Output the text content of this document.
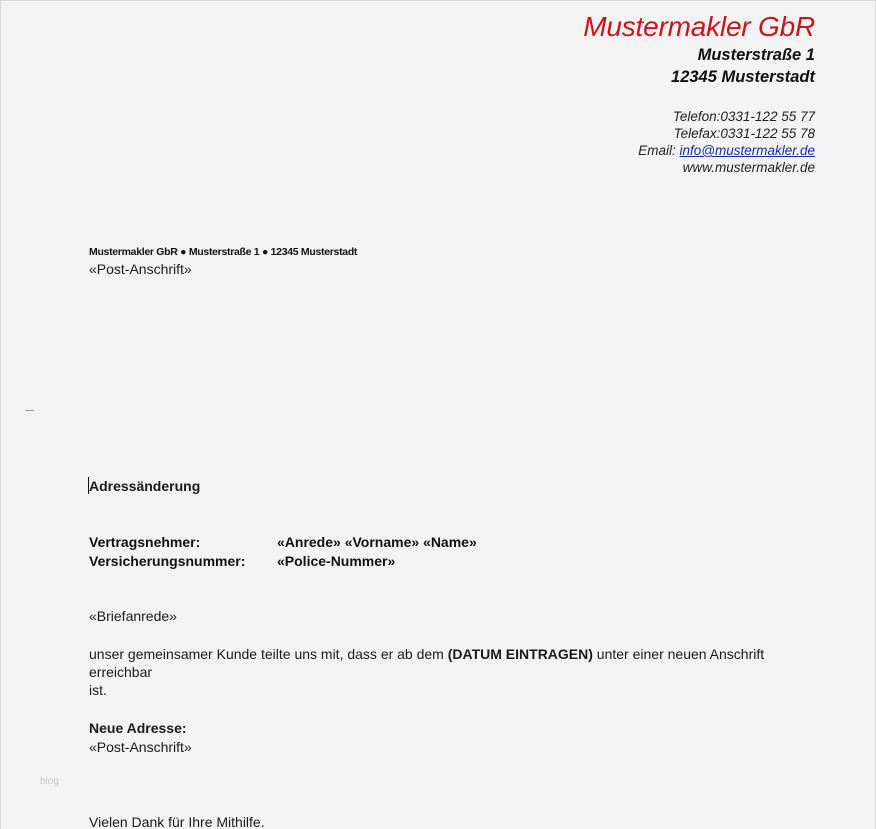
Mustermakler GbR
Musterstraße 1
12345 Musterstadt
Telefon:0331-122 55 77
Telefax:0331-122 55 78
Email: info@mustermakler.de
www.mustermakler.de
Mustermakler GbR ● Musterstraße 1 ● 12345 Musterstadt
«Post-Anschrift»
Adressänderung
Vertragsnehmer:	«Anrede» «Vorname» «Name»
Versicherungsnummer: «Police-Nummer»
«Briefanrede»
unser gemeinsamer Kunde teilte uns mit, dass er ab dem (DATUM EINTRAGEN) unter einer neuen Anschrift erreichbar
ist.
Neue Adresse:
«Post-Anschrift»
blog
Vielen Dank für Ihre Mithilfe.
